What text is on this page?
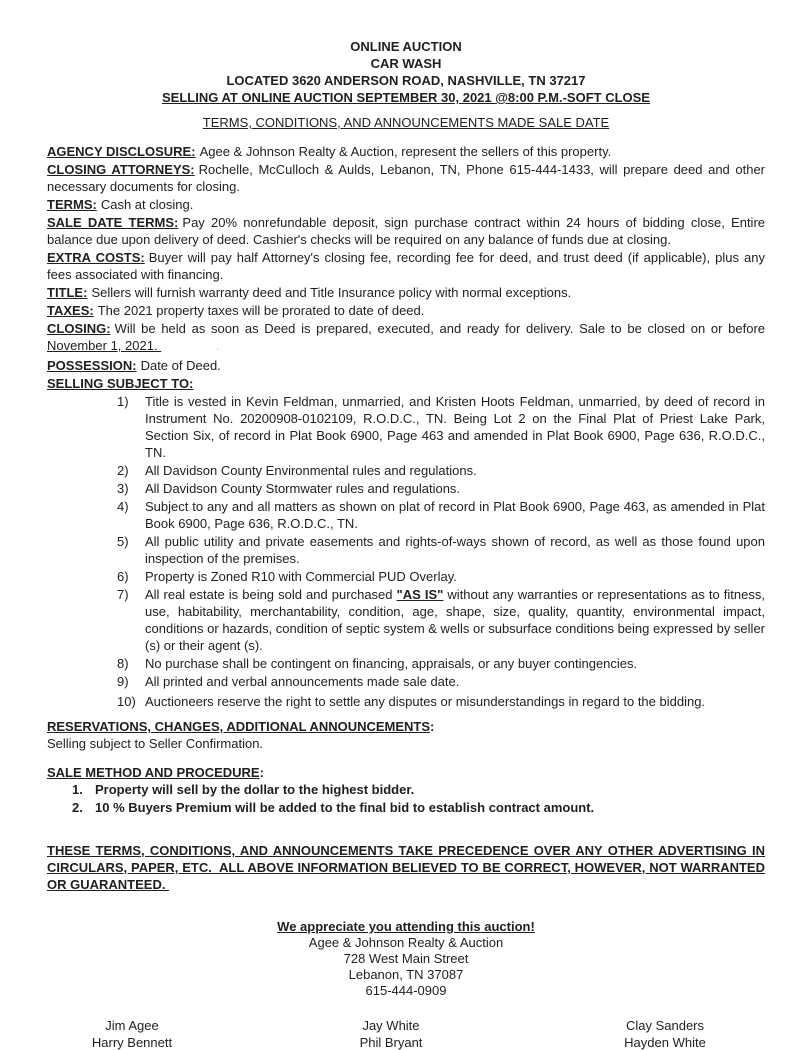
ONLINE AUCTION
CAR WASH
LOCATED 3620 ANDERSON ROAD, NASHVILLE, TN 37217
SELLING AT ONLINE AUCTION SEPTEMBER 30, 2021 @8:00 P.M.-SOFT CLOSE
TERMS, CONDITIONS, AND ANNOUNCEMENTS MADE SALE DATE

AGENCY DISCLOSURE: Agee & Johnson Realty & Auction, represent the sellers of this property.

CLOSING ATTORNEYS: Rochelle, McCulloch & Aulds, Lebanon, TN, Phone 615-444-1433, will prepare deed and other necessary documents for closing.

TERMS: Cash at closing.

SALE DATE TERMS: Pay 20% nonrefundable deposit, sign purchase contract within 24 hours of bidding close, Entire balance due upon delivery of deed. Cashier's checks will be required on any balance of funds due at closing.

EXTRA COSTS: Buyer will pay half Attorney's closing fee, recording fee for deed, and trust deed (if applicable), plus any fees associated with financing.

TITLE: Sellers will furnish warranty deed and Title Insurance policy with normal exceptions.

TAXES: The 2021 property taxes will be prorated to date of deed.

CLOSING: Will be held as soon as Deed is prepared, executed, and ready for delivery. Sale to be closed on or before November 1, 2021.	.

POSSESSION: Date of Deed.

SELLING SUBJECT TO:

1)	Title is vested in Kevin Feldman, unmarried, and Kristen Hoots Feldman, unmarried, by deed of record in Instrument No. 20200908-0102109, R.O.D.C., TN. Being Lot 2 on the Final Plat of Priest Lake Park, Section Six, of record in Plat Book 6900, Page 463 and amended in Plat Book 6900, Page 636, R.O.D.C., TN.
2)	All Davidson County Environmental rules and regulations.
3)	All Davidson County Stormwater rules and regulations.
4)	Subject to any and all matters as shown on plat of record in Plat Book 6900, Page 463, as amended in Plat Book 6900, Page 636, R.O.D.C., TN.
5)	All public utility and private easements and rights-of-ways shown of record, as well as those found upon inspection of the premises.
6)	Property is Zoned R10 with Commercial PUD Overlay.
7)	All real estate is being sold and purchased "AS IS" without any warranties or representations as to fitness, use, habitability, merchantability, condition, age, shape, size, quality, quantity, environmental impact, conditions or hazards, condition of septic system & wells or subsurface conditions being expressed by seller (s) or their agent (s).
8)	No purchase shall be contingent on financing, appraisals, or any buyer contingencies.
9)	All printed and verbal announcements made sale date.
10) Auctioneers reserve the right to settle any disputes or misunderstandings in regard to the bidding.

RESERVATIONS, CHANGES, ADDITIONAL ANNOUNCEMENTS:

Selling subject to Seller Confirmation.

SALE METHOD AND PROCEDURE:

1. Property will sell by the dollar to the highest bidder.
2. 10 % Buyers Premium will be added to the final bid to establish contract amount.

THESE TERMS, CONDITIONS, AND ANNOUNCEMENTS TAKE PRECEDENCE OVER ANY OTHER ADVERTISING IN CIRCULARS, PAPER, ETC.  ALL ABOVE INFORMATION BELIEVED TO BE CORRECT, HOWEVER, NOT WARRANTED OR GUARANTEED.

We appreciate you attending this auction!
Agee & Johnson Realty & Auction
728 West Main Street
Lebanon, TN 37087
615-444-0909
Jim Agee
Harry Bennett
Jay White
Phil Bryant
Clay Sanders
Hayden White
